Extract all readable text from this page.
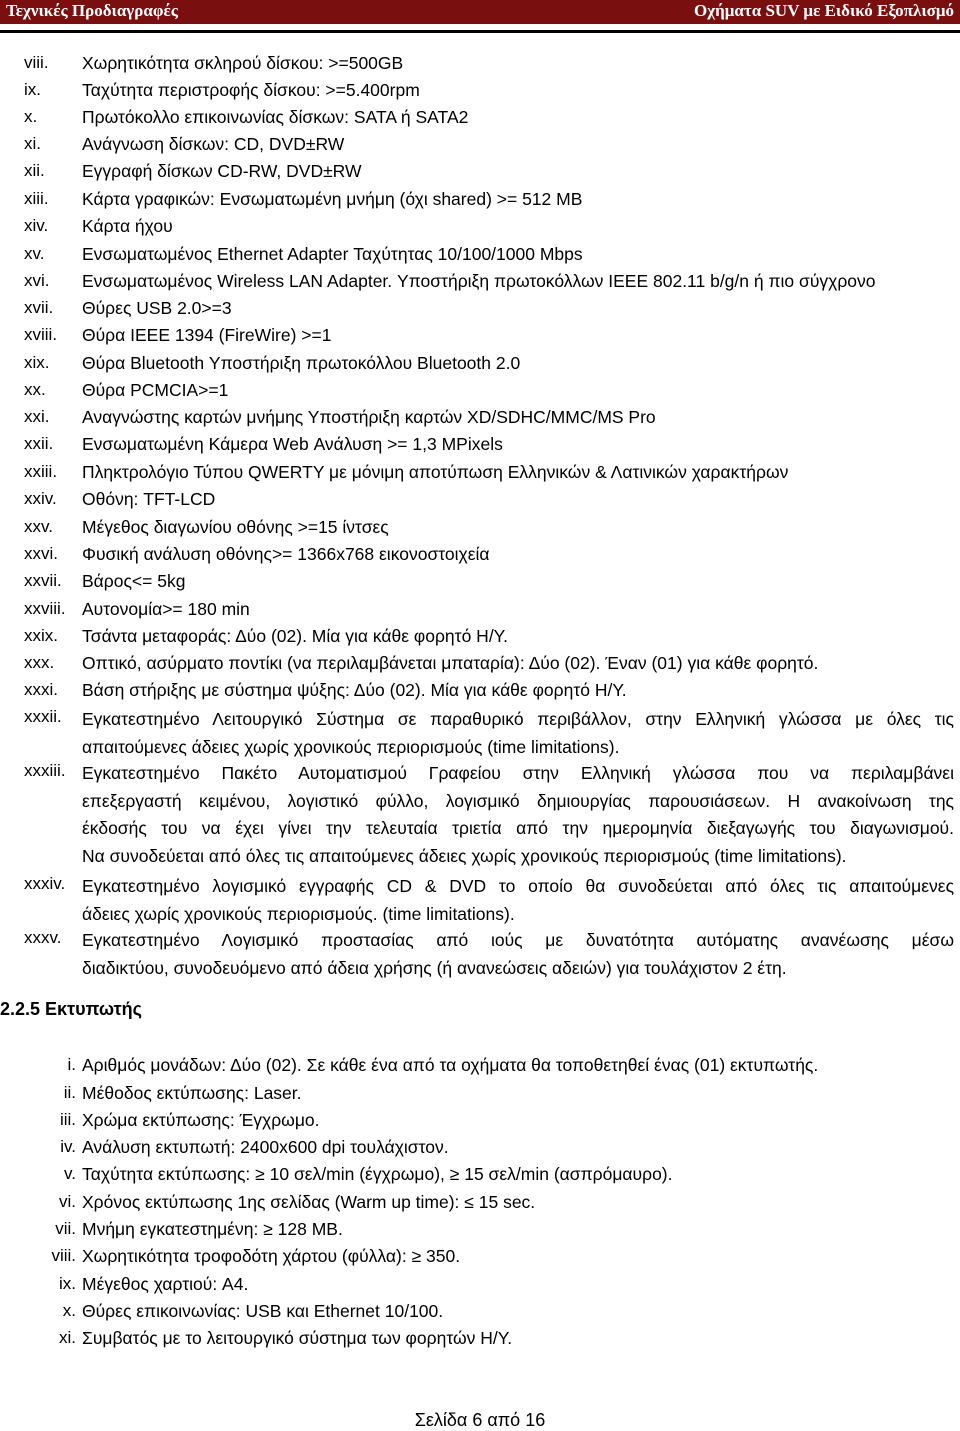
Τεχνικές Προδιαγραφές	Οχήματα SUV με Ειδικό Εξοπλισμό
viii. Χωρητικότητα σκληρού δίσκου: >=500GB
ix. Ταχύτητα περιστροφής δίσκου: >=5.400rpm
x.	Πρωτόκολλο επικοινωνίας δίσκων: SATA ή SATA2
xi. Ανάγνωση δίσκων: CD, DVD±RW
xii. Εγγραφή δίσκων CD-RW, DVD±RW
xiii. Κάρτα γραφικών: Ενσωματωμένη μνήμη (όχι shared) >= 512 MB
xiv. Κάρτα ήχου
xv. Ενσωματωμένος Ethernet Adapter Ταχύτητας 10/100/1000 Mbps
xvi. Ενσωματωμένος Wireless LAN Adapter. Υποστήριξη πρωτοκόλλων IEEE 802.11 b/g/n ή πιο σύγχρονο
xvii. Θύρες USB 2.0>=3
xviii. Θύρα IEEE 1394 (FireWire) >=1
xix. Θύρα Bluetooth Υποστήριξη πρωτοκόλλου Bluetooth 2.0
xx. Θύρα PCMCIA>=1
xxi. Αναγνώστης καρτών μνήμης Υποστήριξη καρτών XD/SDHC/MMC/MS Pro
xxii. Ενσωματωμένη Κάμερα Web Ανάλυση >= 1,3 MPixels
xxiii. Πληκτρολόγιο Τύπου QWERTY με μόνιμη αποτύπωση Ελληνικών & Λατινικών χαρακτήρων
xxiv. Οθόνη: TFT-LCD
xxv. Μέγεθος διαγωνίου οθόνης >=15 ίντσες
xxvi. Φυσική ανάλυση οθόνης>= 1366x768 εικονοστοιχεία
xxvii. Βάρος<= 5kg
xxviii. Αυτονομία>= 180 min
xxix. Τσάντα μεταφοράς: Δύο (02). Μία για κάθε φορητό Η/Υ.
xxx. Οπτικό, ασύρματο ποντίκι (να περιλαμβάνεται μπαταρία): Δύο (02). Έναν (01) για κάθε φορητό.
xxxi. Βάση στήριξης με σύστημα ψύξης: Δύο (02). Μία για κάθε φορητό Η/Υ.
xxxii. Εγκατεστημένο Λειτουργικό Σύστημα σε παραθυρικό περιβάλλον, στην Ελληνική γλώσσα με όλες τις
απαιτούμενες άδειες χωρίς χρονικούς περιορισμούς (time limitations).
xxxiii. Εγκατεστημένο Πακέτο Αυτοματισμού Γραφείου στην Ελληνική γλώσσα που να περιλαμβάνει
επεξεργαστή κειμένου, λογιστικό φύλλο, λογισμικό δημιουργίας παρουσιάσεων. Η ανακοίνωση της
έκδοσής του να έχει γίνει την τελευταία τριετία από την ημερομηνία διεξαγωγής του διαγωνισμού.
Να συνοδεύεται από όλες τις απαιτούμενες άδειες χωρίς χρονικούς περιορισμούς (time limitations).
xxxiv. Εγκατεστημένο λογισμικό εγγραφής CD & DVD το οποίο θα συνοδεύεται από όλες τις απαιτούμενες
άδειες χωρίς χρονικούς περιορισμούς. (time limitations).
xxxv. Εγκατεστημένο Λογισμικό προστασίας από ιούς με δυνατότητα αυτόματης ανανέωσης μέσω
διαδικτύου, συνοδευόμενο από άδεια χρήσης (ή ανανεώσεις αδειών) για τουλάχιστον 2 έτη.
2.2.5 Εκτυπωτής
i. Αριθμός μονάδων: Δύο (02). Σε κάθε ένα από τα οχήματα θα τοποθετηθεί ένας (01) εκτυπωτής.
ii. Μέθοδος εκτύπωσης: Laser.
iii. Χρώμα εκτύπωσης: Έγχρωμο.
iv. Ανάλυση εκτυπωτή: 2400x600 dpi τουλάχιστον.
v. Ταχύτητα εκτύπωσης: ≥ 10 σελ/min (έγχρωμο), ≥ 15 σελ/min (ασπρόμαυρο).
vi. Χρόνος εκτύπωσης 1ης σελίδας (Warm up time): ≤ 15 sec.
vii. Μνήμη εγκατεστημένη: ≥ 128 MB.
viii. Χωρητικότητα τροφοδότη χάρτου (φύλλα): ≥ 350.
ix. Μέγεθος χαρτιού: A4.
x. Θύρες επικοινωνίας: USB και Ethernet 10/100.
xi. Συμβατός με το λειτουργικό σύστημα των φορητών Η/Υ.
Σελίδα 6 από 16
